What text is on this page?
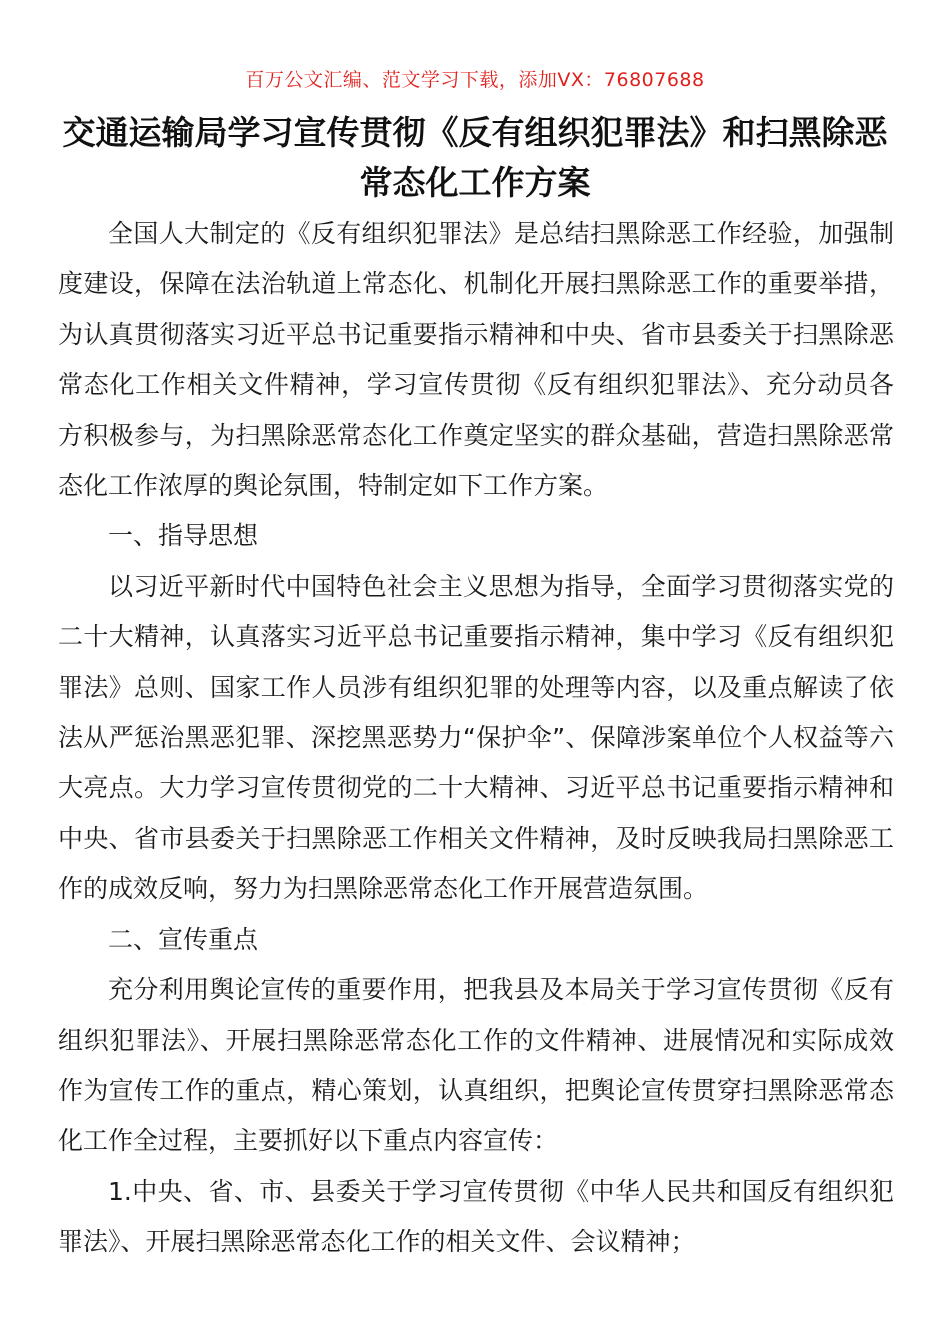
百万公文汇编、范文学习下载，添加VX：76807688
交通运输局学习宣传贯彻《反有组织犯罪法》和扫黑除恶常态化工作方案

全国人大制定的《反有组织犯罪法》是总结扫黑除恶工作经验，加强制度建设，保障在法治轨道上常态化、机制化开展扫黑除恶工作的重要举措，为认真贯彻落实习近平总书记重要指示精神和中央、省市县委关于扫黑除恶常态化工作相关文件精神，学习宣传贯彻《反有组织犯罪法》、充分动员各方积极参与，为扫黑除恶常态化工作奠定坚实的群众基础，营造扫黑除恶常态化工作浓厚的舆论氛围，特制定如下工作方案。

一、指导思想

以习近平新时代中国特色社会主义思想为指导，全面学习贯彻落实党的二十大精神，认真落实习近平总书记重要指示精神，集中学习《反有组织犯罪法》总则、国家工作人员涉有组织犯罪的处理等内容，以及重点解读了依法从严惩治黑恶犯罪、深挖黑恶势力“保护伞”、保障涉案单位个人权益等六大亮点。大力学习宣传贯彻党的二十大精神、习近平总书记重要指示精神和中央、省市县委关于扫黑除恶工作相关文件精神，及时反映我局扫黑除恶工作的成效反响，努力为扫黑除恶常态化工作开展营造氛围。

二、宣传重点

充分利用舆论宣传的重要作用，把我县及本局关于学习宣传贯彻《反有组织犯罪法》、开展扫黑除恶常态化工作的文件精神、进展情况和实际成效作为宣传工作的重点，精心策划，认真组织，把舆论宣传贯穿扫黑除恶常态化工作全过程，主要抓好以下重点内容宣传：

1.中央、省、市、县委关于学习宣传贯彻《中华人民共和国反有组织犯罪法》、开展扫黑除恶常态化工作的相关文件、会议精神；
